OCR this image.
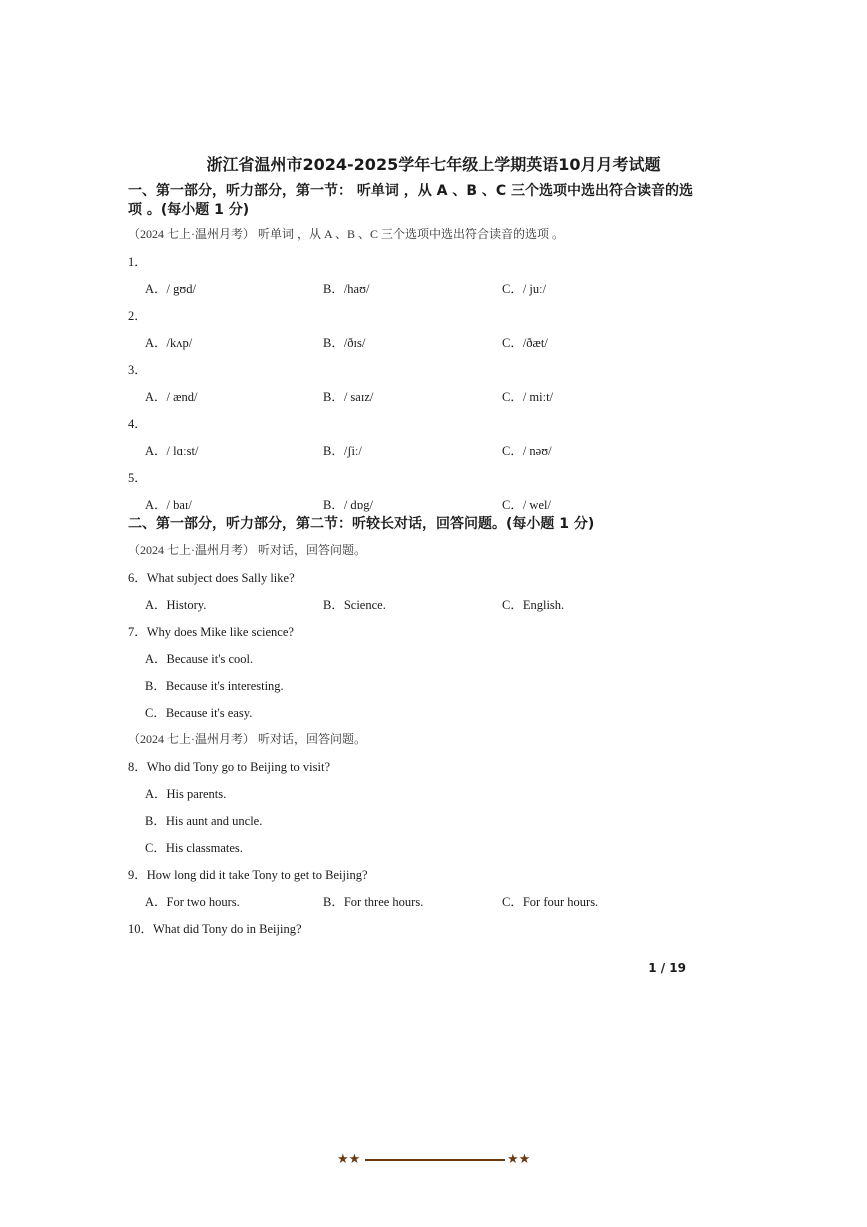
浙江省温州市2024-2025学年七年级上学期英语10月月考试题
一、第一部分，听力部分，第一节： 听单词 ，从 A 、B 、C 三个选项中选出符合读音的选
项 。(每小题 1 分)
（2024 七上·温州月考） 听单词 ，从 A 、B 、C 三个选项中选出符合读音的选项 。
1．
A．/ gʊd/	B．/haʊ/	C．/ juː/
2．
A．/kʌp/	B．/ðɪs/	C．/ðæt/
3．
A．/ ænd/	B．/ saɪz/	C．/ miːt/
4．
A．/ lɑːst/	B．/ʃiː/	C．/ nəʊ/
5．
A．/ baɪ/	B．/ dɒg/	C．/ wel/
二、第一部分，听力部分，第二节：听较长对话，回答问题。(每小题 1 分)
（2024 七上·温州月考） 听对话，回答问题。
6．What subject does Sally like?
A．History.	B．Science.	C．English.
7．Why does Mike like science?
A．Because it's cool.
B．Because it's interesting.
C．Because it's easy.
（2024 七上·温州月考） 听对话，回答问题。
8．Who did Tony go to Beijing to visit?
A．His parents.
B．His aunt and uncle.
C．His classmates.
9．How long did it take Tony to get to Beijing?
A．For two hours.	B．For three hours.	C．For four hours.
10．What did Tony do in Beijing?
1 / 19
★★	★★
